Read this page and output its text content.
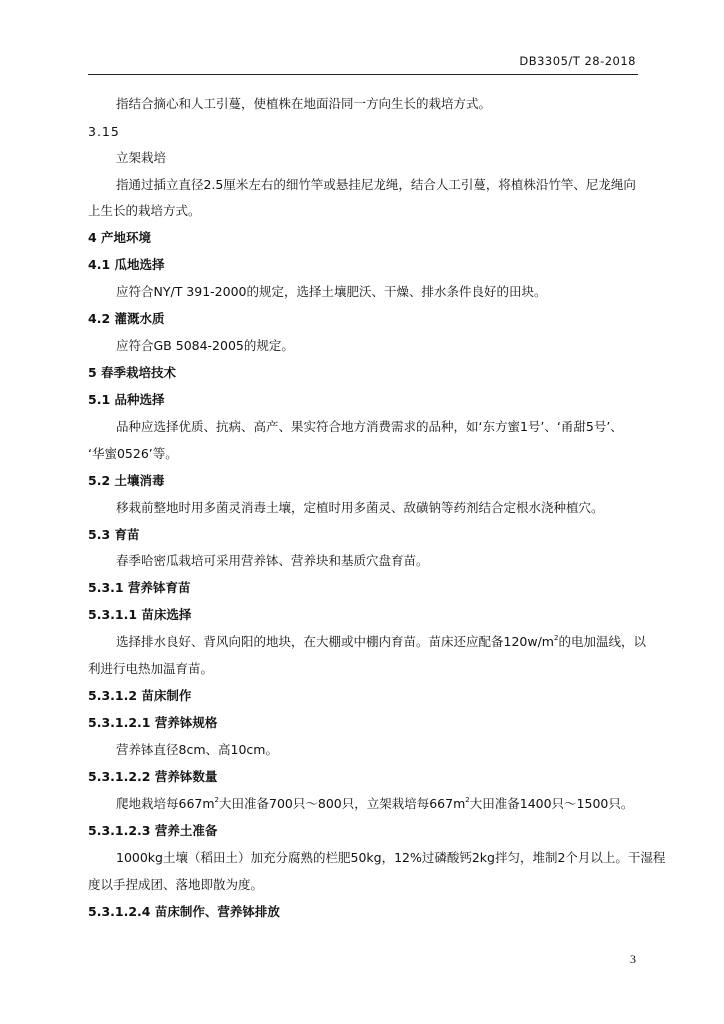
DB3305/T 28-2018
指结合摘心和人工引蔓，使植株在地面沿同一方向生长的栽培方式。
3.15
立架栽培
指通过插立直径2.5厘米左右的细竹竿或悬挂尼龙绳，结合人工引蔓，将植株沿竹竿、尼龙绳向
上生长的栽培方式。
4 产地环境
4.1 瓜地选择
应符合NY/T 391-2000的规定，选择土壤肥沃、干燥、排水条件良好的田块。
4.2 灌溉水质
应符合GB 5084-2005的规定。
5 春季栽培技术
5.1 品种选择
品种应选择优质、抗病、高产、果实符合地方消费需求的品种，如‘东方蜜1号’、‘甬甜5号’、
‘华蜜0526’等。
5.2 土壤消毒
移栽前整地时用多菌灵消毒土壤，定植时用多菌灵、敌磺钠等药剂结合定根水浇种植穴。
5.3 育苗
春季哈密瓜栽培可采用营养钵、营养块和基质穴盘育苗。
5.3.1 营养钵育苗
5.3.1.1 苗床选择
选择排水良好、背风向阳的地块，在大棚或中棚内育苗。苗床还应配备$120w/m^2$的电加温线，以
利进行电热加温育苗。
5.3.1.2 苗床制作
5.3.1.2.1 营养钵规格
营养钵直径8cm、高10cm。
5.3.1.2.2 营养钵数量
爬地栽培每$667m^2$大田准备700只～800只，立架栽培每$667m^2$大田准备1400只～1500只。
5.3.1.2.3 营养土准备
1000kg土壤（稻田土）加充分腐熟的栏肥50kg，12%过磷酸钙2kg拌匀，堆制2个月以上。干湿程
度以手捏成团、落地即散为度。
5.3.1.2.4 苗床制作、营养钵排放
3
